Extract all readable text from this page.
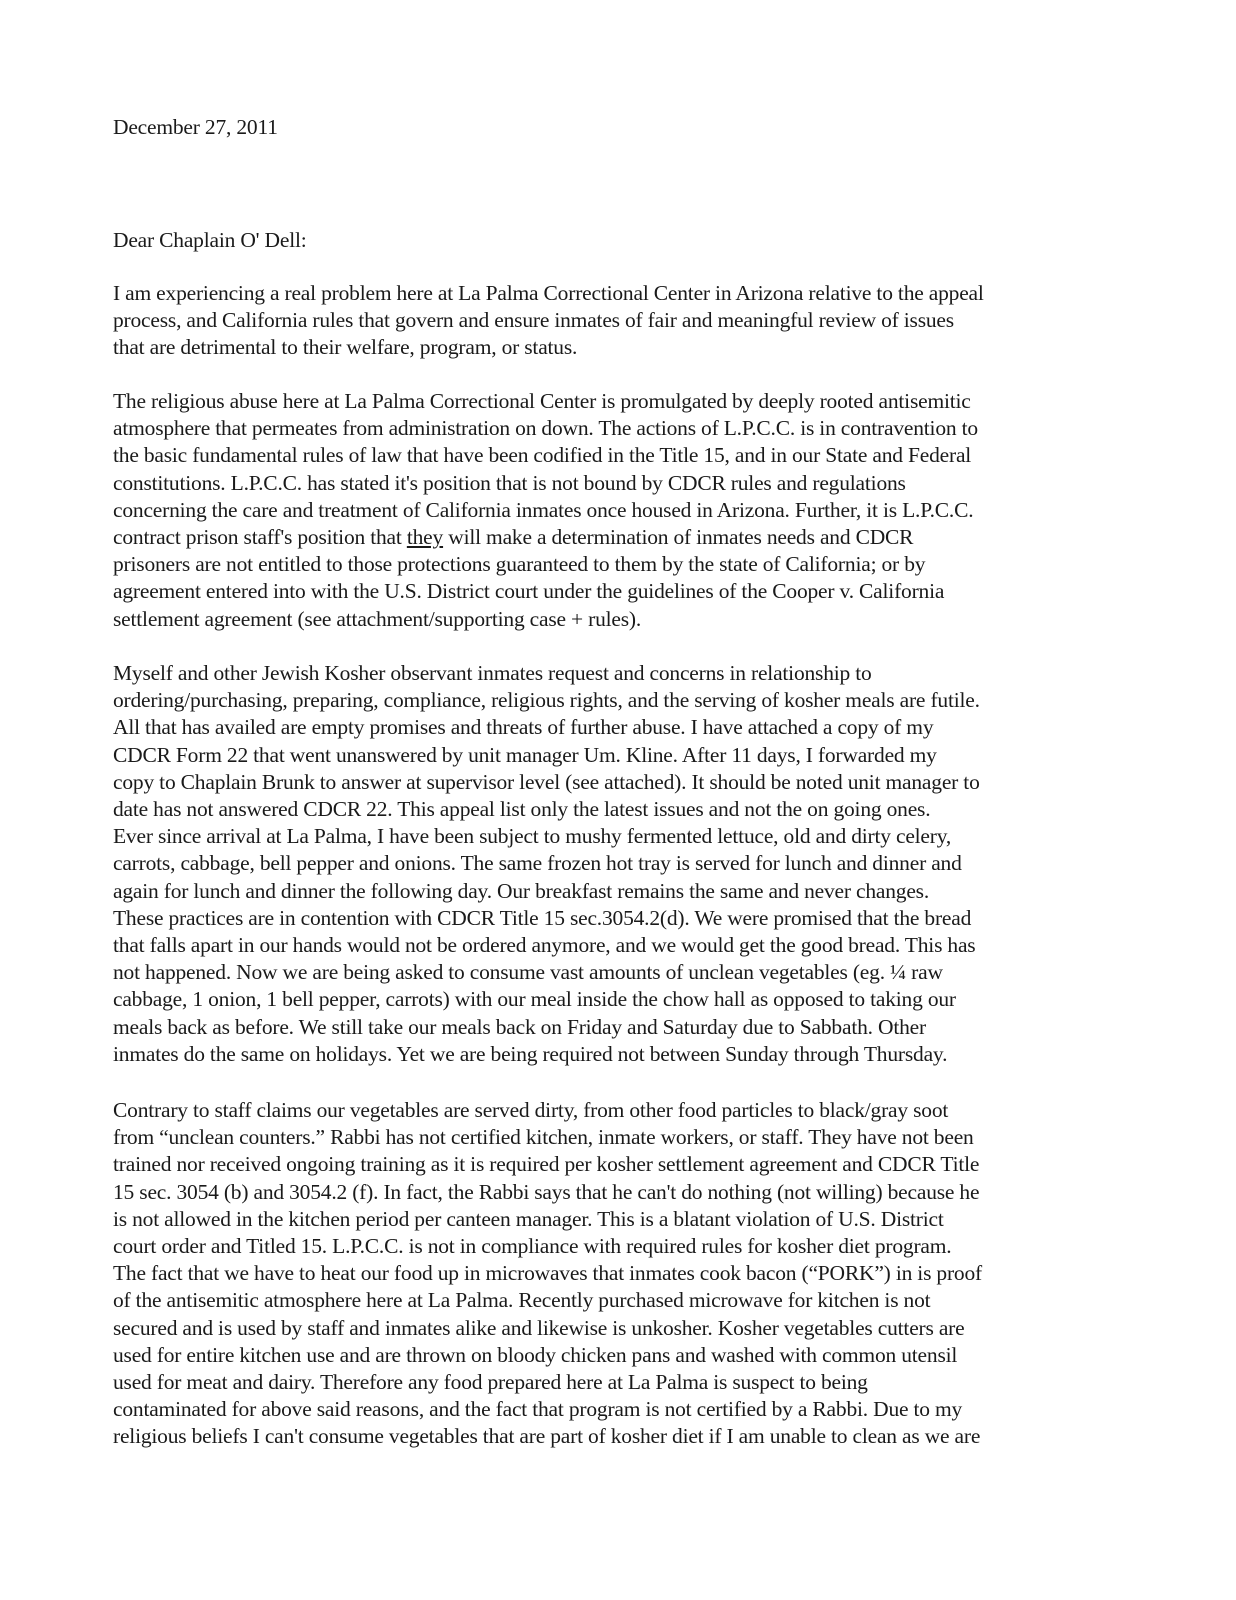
December 27, 2011
Dear Chaplain O' Dell:
I am experiencing a real problem here at La Palma Correctional Center in Arizona relative to the appeal
process, and California rules that govern and ensure inmates of fair and meaningful review of issues
that are detrimental to their welfare, program, or status.
The religious abuse here at La Palma Correctional Center is promulgated by deeply rooted antisemitic
atmosphere that permeates from administration on down. The actions of L.P.C.C. is in contravention to
the basic fundamental rules of law that have been codified in the Title 15, and in our State and Federal
constitutions. L.P.C.C. has stated it's position that is not bound by CDCR rules and regulations
concerning the care and treatment of California inmates once housed in Arizona. Further, it is L.P.C.C.
contract prison staff's position that they will make a determination of inmates needs and CDCR
prisoners are not entitled to those protections guaranteed to them by the state of California; or by
agreement entered into with the U.S. District court under the guidelines of the Cooper v. California
settlement agreement (see attachment/supporting case + rules).
Myself and other Jewish Kosher observant inmates request and concerns in relationship to
ordering/purchasing, preparing, compliance, religious rights, and the serving of kosher meals are futile.
All that has availed are empty promises and threats of further abuse. I have attached a copy of my
CDCR Form 22 that went unanswered by unit manager Um. Kline. After 11 days, I forwarded my
copy to Chaplain Brunk to answer at supervisor level (see attached). It should be noted unit manager to
date has not answered CDCR 22. This appeal list only the latest issues and not the on going ones.
Ever since arrival at La Palma, I have been subject to mushy fermented lettuce, old and dirty celery,
carrots, cabbage, bell pepper and onions. The same frozen hot tray is served for lunch and dinner and
again for lunch and dinner the following day. Our breakfast remains the same and never changes.
These practices are in contention with CDCR Title 15 sec.3054.2(d). We were promised that the bread
that falls apart in our hands would not be ordered anymore, and we would get the good bread. This has
not happened. Now we are being asked to consume vast amounts of unclean vegetables (eg. ¼ raw
cabbage, 1 onion, 1 bell pepper, carrots) with our meal inside the chow hall as opposed to taking our
meals back as before. We still take our meals back on Friday and Saturday due to Sabbath. Other
inmates do the same on holidays. Yet we are being required not between Sunday through Thursday.
Contrary to staff claims our vegetables are served dirty, from other food particles to black/gray soot
from “unclean counters.” Rabbi has not certified kitchen, inmate workers, or staff. They have not been
trained nor received ongoing training as it is required per kosher settlement agreement and CDCR Title
15 sec. 3054 (b) and 3054.2 (f). In fact, the Rabbi says that he can't do nothing (not willing) because he
is not allowed in the kitchen period per canteen manager. This is a blatant violation of U.S. District
court order and Titled 15. L.P.C.C. is not in compliance with required rules for kosher diet program.
The fact that we have to heat our food up in microwaves that inmates cook bacon (“PORK”) in is proof
of the antisemitic atmosphere here at La Palma. Recently purchased microwave for kitchen is not
secured and is used by staff and inmates alike and likewise is unkosher. Kosher vegetables cutters are
used for entire kitchen use and are thrown on bloody chicken pans and washed with common utensil
used for meat and dairy. Therefore any food prepared here at La Palma is suspect to being
contaminated for above said reasons, and the fact that program is not certified by a Rabbi. Due to my
religious beliefs I can't consume vegetables that are part of kosher diet if I am unable to clean as we are
